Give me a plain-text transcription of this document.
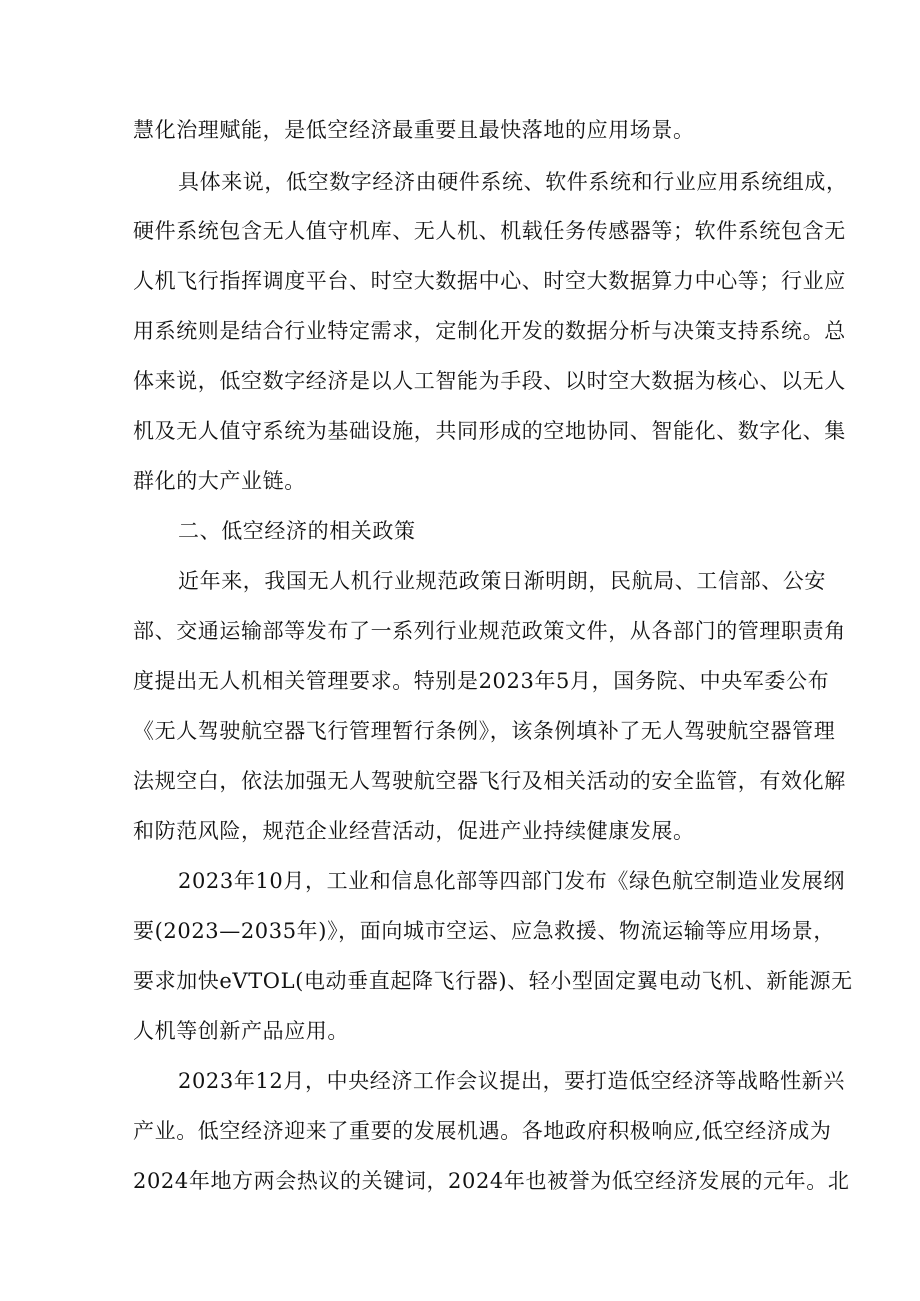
慧化治理赋能，是低空经济最重要且最快落地的应用场景。
具体来说，低空数字经济由硬件系统、软件系统和行业应用系统组成，
硬件系统包含无人值守机库、无人机、机载任务传感器等；软件系统包含无
人机飞行指挥调度平台、时空大数据中心、时空大数据算力中心等；行业应
用系统则是结合行业特定需求，定制化开发的数据分析与决策支持系统。总
体来说，低空数字经济是以人工智能为手段、以时空大数据为核心、以无人
机及无人值守系统为基础设施，共同形成的空地协同、智能化、数字化、集
群化的大产业链。
二、低空经济的相关政策
近年来，我国无人机行业规范政策日渐明朗，民航局、工信部、公安
部、交通运输部等发布了一系列行业规范政策文件，从各部门的管理职责角
度提出无人机相关管理要求。特别是2023年5月，国务院、中央军委公布
《无人驾驶航空器飞行管理暂行条例》，该条例填补了无人驾驶航空器管理
法规空白，依法加强无人驾驶航空器飞行及相关活动的安全监管，有效化解
和防范风险，规范企业经营活动，促进产业持续健康发展。
2023年10月，工业和信息化部等四部门发布《绿色航空制造业发展纲
要(2023—2035年)》，面向城市空运、应急救援、物流运输等应用场景，
要求加快eVTOL(电动垂直起降飞行器)、轻小型固定翼电动飞机、新能源无
人机等创新产品应用。
2023年12月，中央经济工作会议提出，要打造低空经济等战略性新兴
产业。低空经济迎来了重要的发展机遇。各地政府积极响应,低空经济成为
2024年地方两会热议的关键词，2024年也被誉为低空经济发展的元年。北
